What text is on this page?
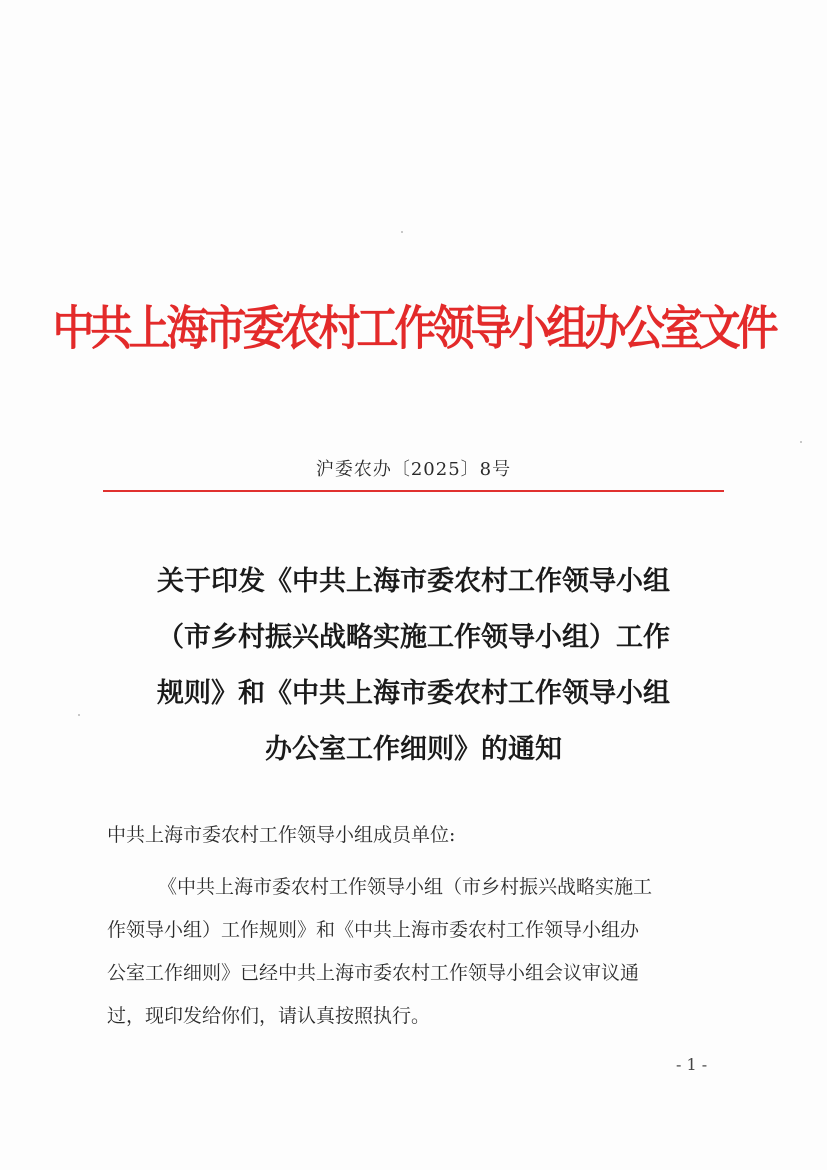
中共上海市委农村工作领导小组办公室文件
沪委农办〔2025〕8号
关于印发《中共上海市委农村工作领导小组
（市乡村振兴战略实施工作领导小组）工作
规则》和《中共上海市委农村工作领导小组
办公室工作细则》的通知
中共上海市委农村工作领导小组成员单位:
《中共上海市委农村工作领导小组（市乡村振兴战略实施工
作领导小组）工作规则》和《中共上海市委农村工作领导小组办
公室工作细则》已经中共上海市委农村工作领导小组会议审议通
过，现印发给你们，请认真按照执行。
- 1 -
